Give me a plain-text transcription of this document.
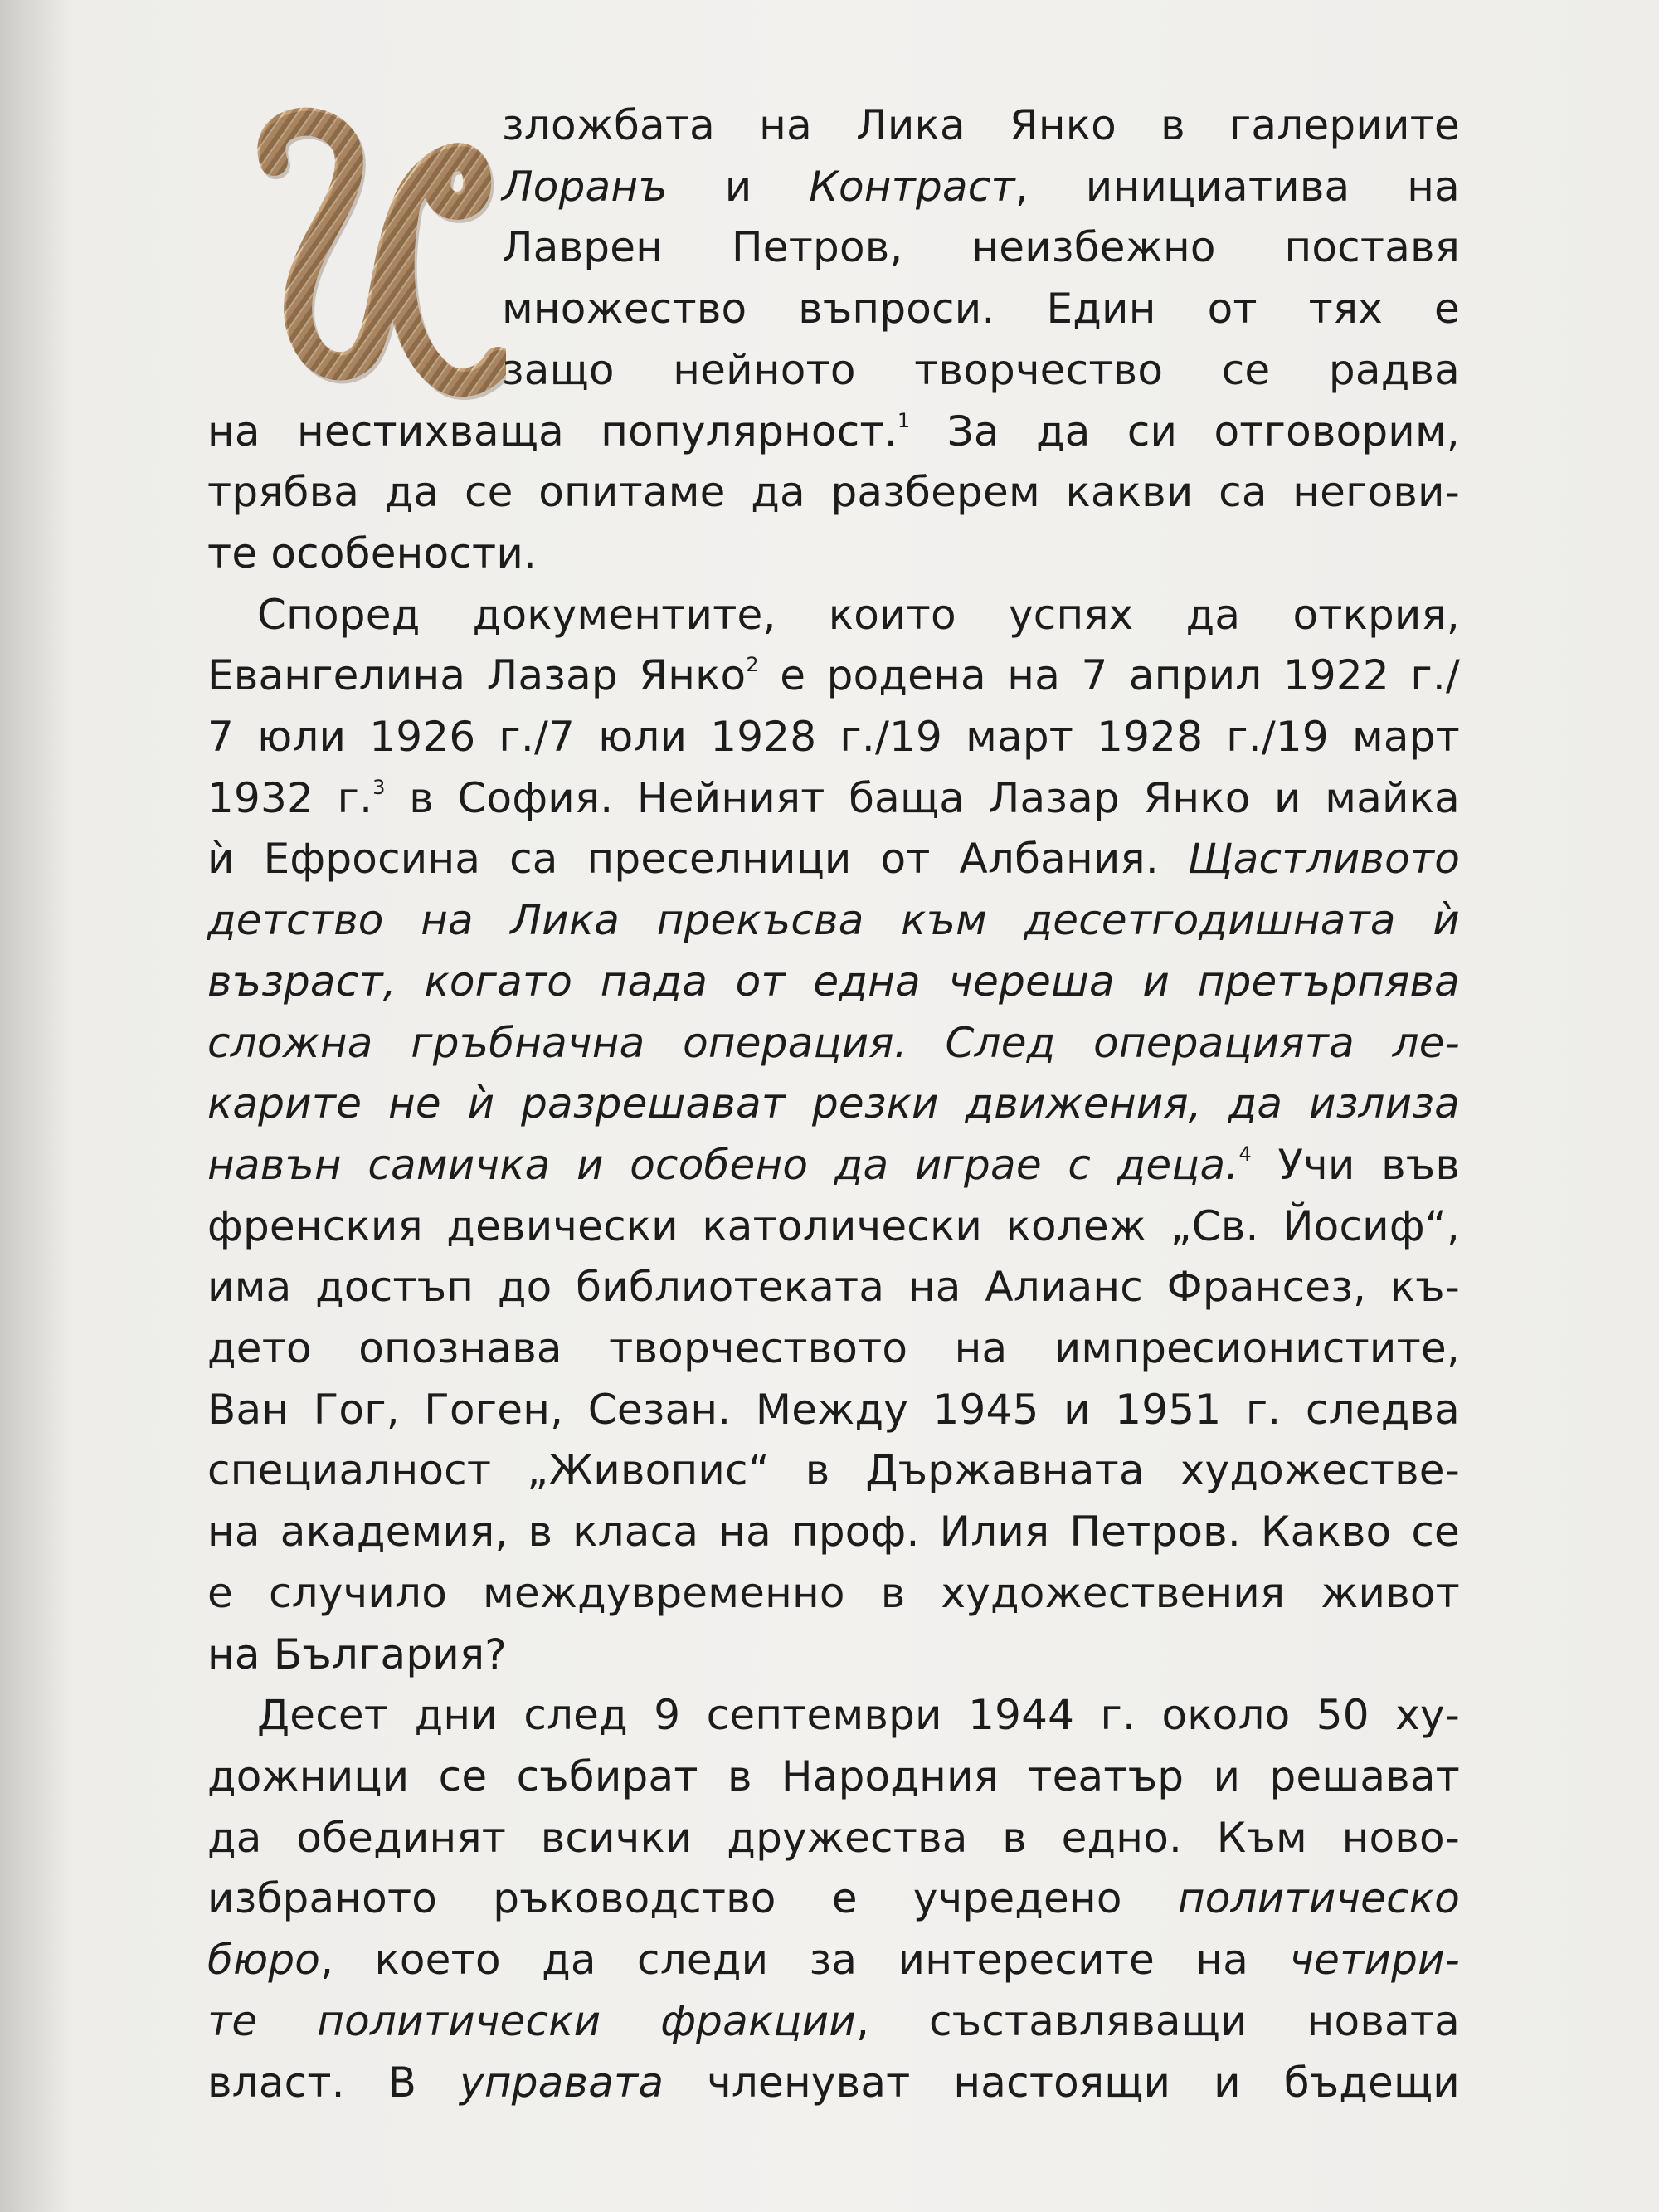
зложбата на Лика Янко в галериите
Лоранъ и Контраст, инициатива на
Лаврен Петров, неизбежно поставя
множество въпроси. Един от тях е
защо нейното творчество се радва
на нестихваща популярност.$^1$ За да си отговорим,
трябва да се опитаме да разберем какви са негови-
те особености.
Според документите, които успях да открия,
Евангелина Лазар Янко$^2$ е родена на 7 април 1922 г./
7 юли 1926 г./7 юли 1928 г./19 март 1928 г./19 март
1932 г.$^3$ в София. Нейният баща Лазар Янко и майка
ѝ Ефросина са преселници от Албания. Щастливото
детство на Лика прекъсва към десетгодишната ѝ
възраст, когато пада от една череша и претърпява
сложна гръбначна операция. След операцията ле-
карите не ѝ разрешават резки движения, да излиза
навън самичка и особено да играе с деца.$^4$ Учи във
френския девически католически колеж „Св. Йосиф“,
има достъп до библиотеката на Алианс Франсез, къ-
дето опознава творчеството на импресионистите,
Ван Гог, Гоген, Сезан. Между 1945 и 1951 г. следва
специалност „Живопис“ в Държавната художестве-
на академия, в класа на проф. Илия Петров. Какво се
е случило междувременно в художествения живот
на България?
Десет дни след 9 септември 1944 г. около 50 ху-
дожници се събират в Народния театър и решават
да обединят всички дружества в едно. Към ново-
избраното ръководство е учредено политическо
бюро, което да следи за интересите на четири-
те политически фракции, съставляващи новата
власт. В управата членуват настоящи и бъдещи
